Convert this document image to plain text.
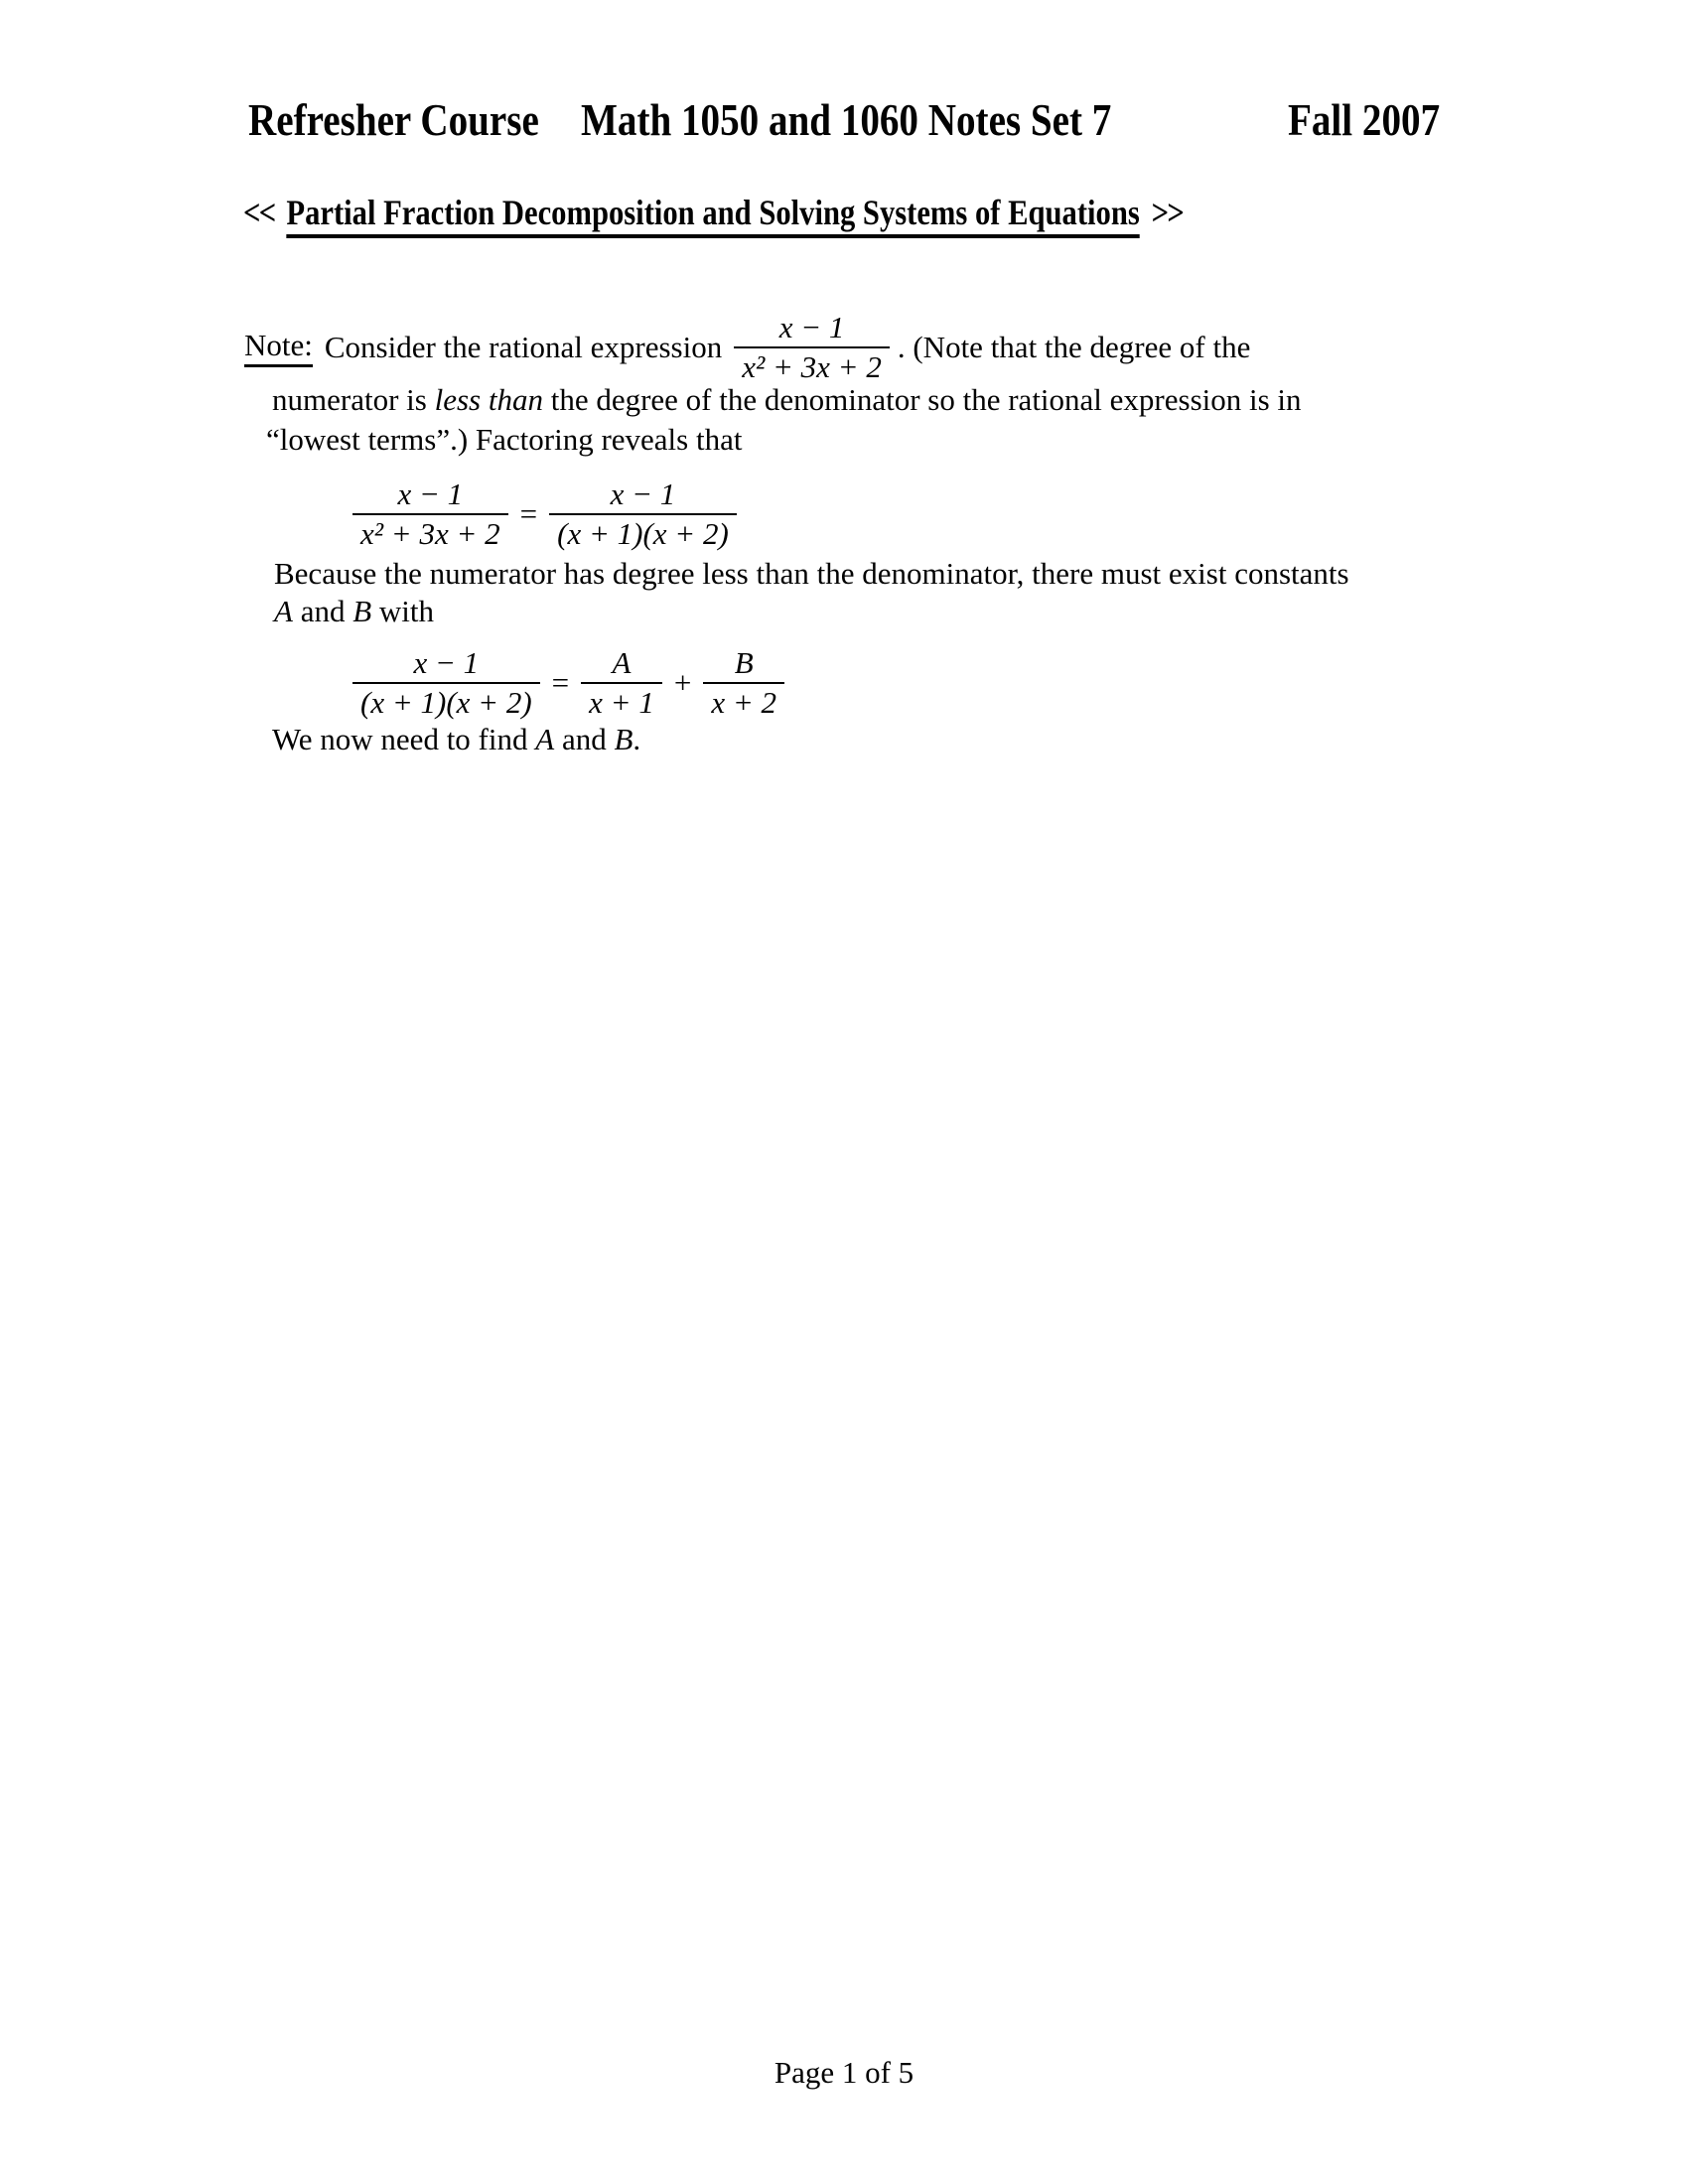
Refresher Course Math 1050 and 1060 Notes Set 7	Fall 2007
<< Partial Fraction Decomposition and Solving Systems of Equations >>
Note: Consider the rational expression $\frac{x - 1}{\text{x² + 3x + 2}}$ . (Note that the degree of the
numerator is less than the degree of the denominator so the rational expression is in
“lowest terms”.) Factoring reveals that
$\frac{x - 1}{\text{x² + 3x + 2}} = \frac{x - 1}{(x + 1)(x + 2)}$
Because the numerator has degree less than the denominator, there must exist constants
A and B with
$\frac{x - 1}{(x + 1)(x + 2)} = \frac{A}{x + 1} + \frac{B}{x + 2}$
We now need to find A and B.
Page 1 of 5
